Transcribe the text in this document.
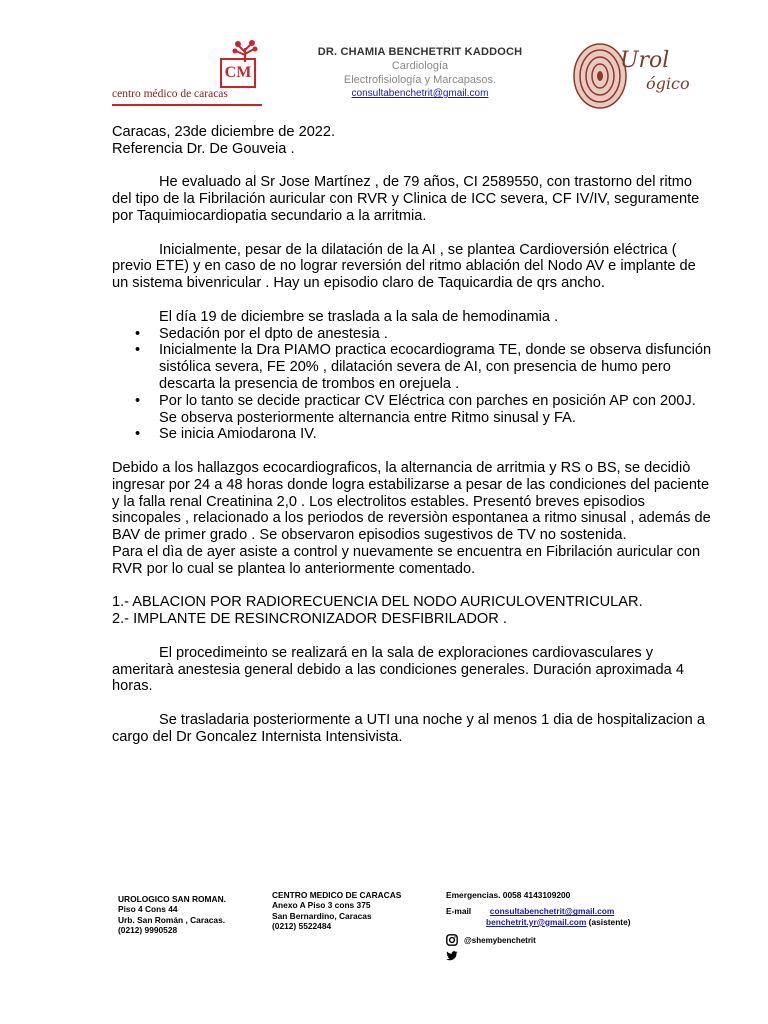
CM
centro médico de caracas
DR. CHAMIA BENCHETRIT KADDOCH
Cardiología
Electrofisiología y Marcapasos.
consultabenchetrit@gmail.com
Urol
ógico

Caracas, 23de diciembre de 2022.

Referencia Dr. De Gouveia .

He evaluado al Sr Jose Martínez , de 79 años, CI 2589550, con trastorno del ritmo del tipo de la Fibrilación auricular con RVR y Clinica de ICC severa, CF IV/IV, seguramente por Taquimiocardiopatia secundario a la arritmia.

Inicialmente, pesar de la dilatación de la AI , se plantea Cardioversión eléctrica ( previo ETE) y en caso de no lograr reversión del ritmo ablación del Nodo AV e implante de un sistema bivenricular . Hay un episodio claro de Taquicardia de qrs ancho.

El día 19 de diciembre se traslada a la sala de hemodinamia .

• Sedación por el dpto de anestesia .
• Inicialmente la Dra PIAMO practica ecocardiograma TE, donde se observa disfunción sistólica severa, FE 20% , dilatación severa de AI, con presencia de humo pero descarta la presencia de trombos en orejuela .
• Por lo tanto se decide practicar CV Eléctrica con parches en posición AP con 200J. Se observa posteriormente alternancia entre Ritmo sinusal y FA.
• Se inicia Amiodarona IV.

Debido a los hallazgos ecocardiograficos, la alternancia de arritmia y RS o BS, se decidiò ingresar por 24 a 48 horas donde logra estabilizarse a pesar de las condiciones del paciente y la falla renal Creatinina 2,0 . Los electrolitos estables. Presentó breves episodios sincopales , relacionado a los periodos de reversiòn espontanea a ritmo sinusal , además de BAV de primer grado . Se observaron episodios sugestivos de TV no sostenida.

Para el dìa de ayer asiste a control y nuevamente se encuentra en Fibrilación auricular con RVR por lo cual se plantea lo anteriormente comentado.

1.- ABLACION POR RADIORECUENCIA DEL NODO AURICULOVENTRICULAR.

2.- IMPLANTE DE RESINCRONIZADOR DESFIBRILADOR .

El procedimeinto se realizará en la sala de exploraciones cardiovasculares y ameritarà anestesia general debido a las condiciones generales. Duración aproximada 4 horas.

Se trasladaria posteriormente a UTI una noche y al menos 1 dia de hospitalizacion a cargo del Dr Goncalez Internista Intensivista.

UROLOGICO SAN ROMAN.
Piso 4 Cons 44
Urb. San Román , Caracas.
(0212) 9990528
CENTRO MEDICO DE CARACAS
Anexo A Piso 3 cons 375
San Bernardino, Caracas
(0212) 5522484
Emergencias. 0058 4143109200
E-mail consultabenchetrit@gmail.com
benchetrit.yr@gmail.com (asistente)
@shemybenchetrit
